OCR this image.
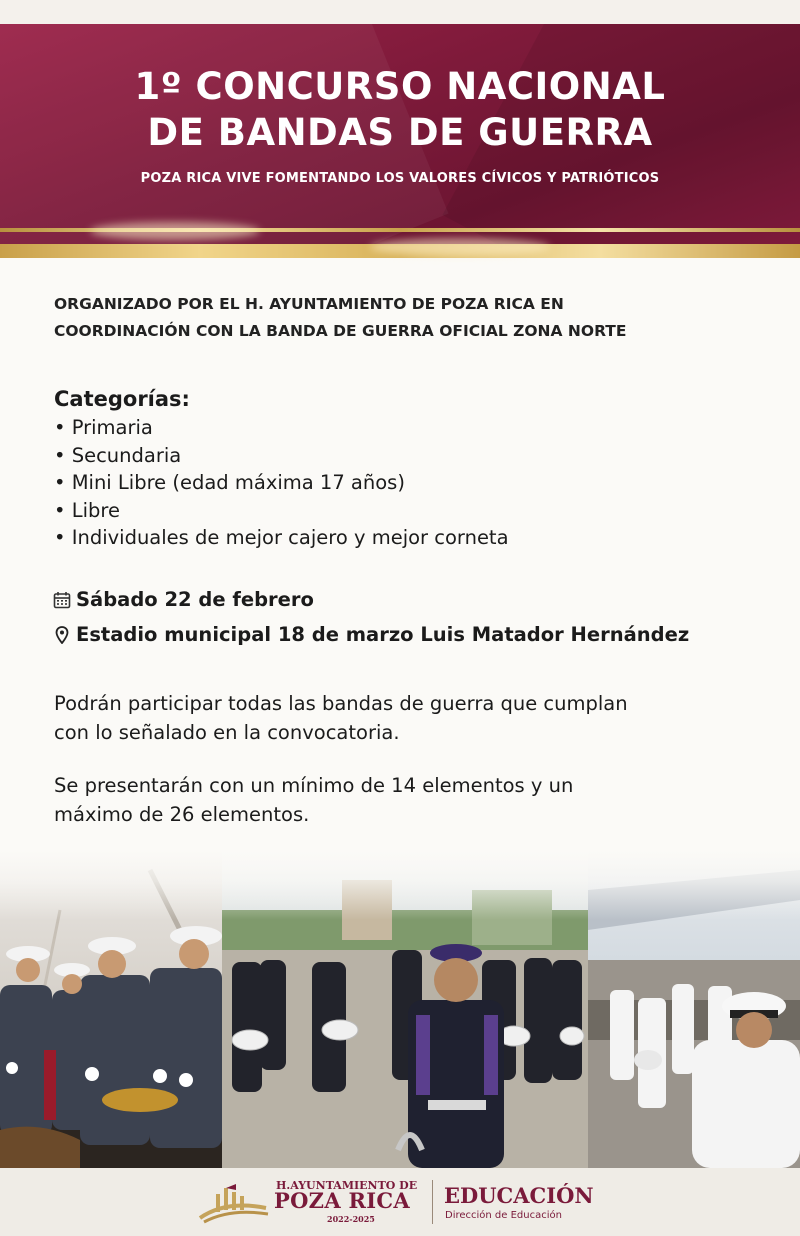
1º CONCURSO NACIONAL
DE BANDAS DE GUERRA
POZA RICA VIVE FOMENTANDO LOS VALORES CÍVICOS Y PATRIÓTICOS
ORGANIZADO POR EL H. AYUNTAMIENTO DE POZA RICA EN
COORDINACIÓN CON LA BANDA DE GUERRA OFICIAL ZONA NORTE
Categorías:
• Primaria
• Secundaria
• Mini Libre (edad máxima 17 años)
• Libre
• Individuales de mejor cajero y mejor corneta
Sábado 22 de febrero
Estadio municipal 18 de marzo Luis Matador Hernández
Podrán participar todas las bandas de guerra que cumplan
con lo señalado en la convocatoria.
Se presentarán con un mínimo de 14 elementos y un
máximo de 26 elementos.
H.AYUNTAMIENTO DE
POZA RICA
2022-2025
EDUCACIÓN
Dirección de Educación
